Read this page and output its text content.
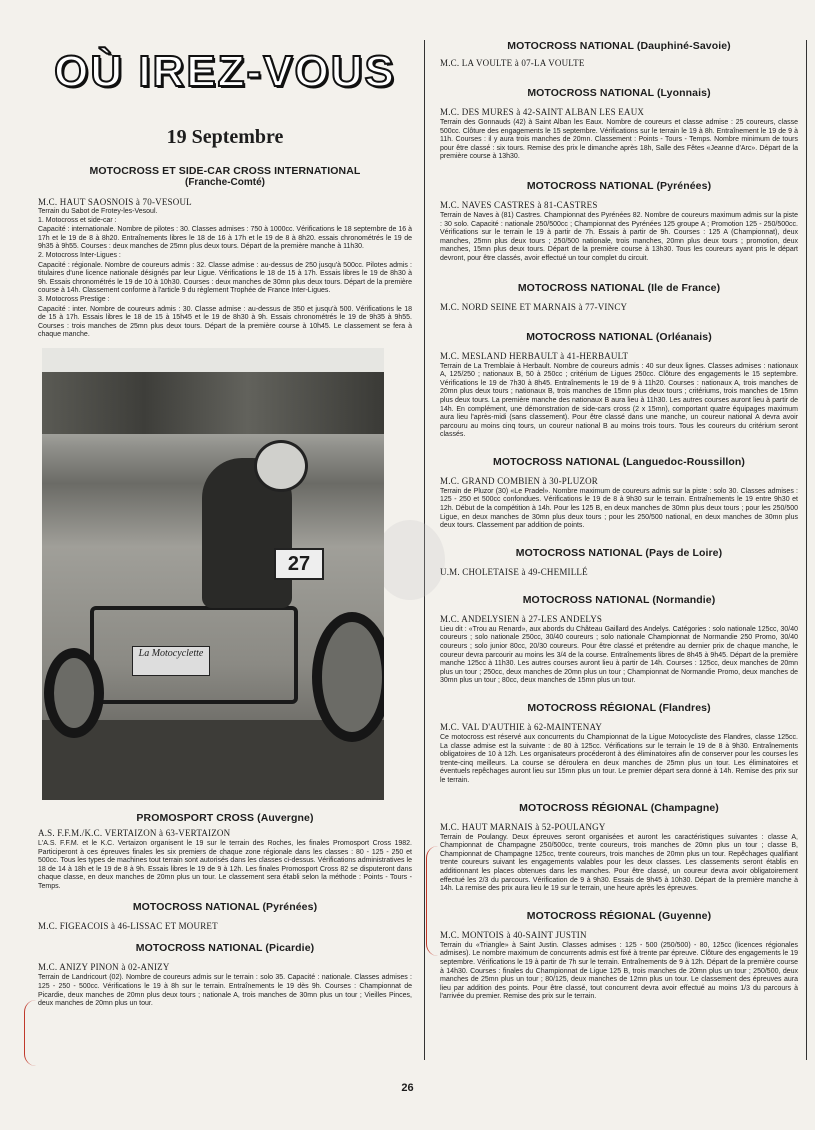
OÙ IREZ-VOUS
19 Septembre
MOTOCROSS ET SIDE-CAR CROSS INTERNATIONAL
(Franche-Comté)
M.C. HAUT SAOSNOIS à 70-VESOUL
Terrain du Sabot de Frotey-les-Vesoul.
1. Motocross et side-car :
Capacité : internationale. Nombre de pilotes : 30. Classes admises : 750 à 1000cc. Vérifications le 18 septembre de 16 à 17h et le 19 de 8 à 8h20. Entraînements libres le 18 de 16 à 17h et le 19 de 8 à 8h20. essais chronométrés le 19 de 9h35 à 9h55. Courses : deux manches de 25mn plus deux tours. Départ de la première manche à 11h30.
2. Motocross Inter-Ligues :
Capacité : régionale. Nombre de coureurs admis : 32. Classe admise : au-dessus de 250 jusqu'à 500cc. Pilotes admis : titulaires d'une licence nationale désignés par leur Ligue. Vérifications le 18 de 15 à 17h. Essais libres le 19 de 8h30 à 9h. Essais chronométrés le 19 de 10 à 10h30. Courses : deux manches de 30mn plus deux tours. Départ de la première course à 14h. Classement conforme à l'article 9 du règlement Trophée de France Inter-Ligues.
3. Motocross Prestige :
Capacité : inter. Nombre de coureurs admis : 30. Classe admise : au-dessus de 350 et jusqu'à 500. Vérifications le 18 de 15 à 17h. Essais libres le 18 de 15 à 15h45 et le 19 de 8h30 à 9h. Essais chronométrés le 19 de 9h35 à 9h55. Courses : trois manches de 25mn plus deux tours. Départ de la première course à 10h45. Le classement se fera à chaque manche.
27
La Motocyclette
PROMOSPORT CROSS (Auvergne)
A.S. F.F.M./K.C. VERTAIZON à 63-VERTAIZON
L'A.S. F.F.M. et le K.C. Vertaizon organisent le 19 sur le terrain des Roches, les finales Promosport Cross 1982. Participeront à ces épreuves finales les six premiers de chaque zone régionale dans les classes : 80 - 125 - 250 et 500cc. Tous les types de machines tout terrain sont autorisés dans les classes ci-dessus. Vérifications administratives le 18 de 14 à 18h et le 19 de 8 à 9h. Essais libres le 19 de 9 à 12h. Les finales Promosport Cross 82 se disputeront dans chaque classe, en deux manches de 20mn plus un tour. Le classement sera établi selon la méthode : Points - Tours - Temps.
MOTOCROSS NATIONAL (Pyrénées)
M.C. FIGEACOIS à 46-LISSAC ET MOURET
MOTOCROSS NATIONAL (Picardie)
M.C. ANIZY PINON à 02-ANIZY
Terrain de Landricourt (02). Nombre de coureurs admis sur le terrain : solo 35. Capacité : nationale. Classes admises : 125 - 250 - 500cc. Vérifications le 19 à 8h sur le terrain. Entraînements le 19 dès 9h. Courses : Championnat de Picardie, deux manches de 20mn plus deux tours ; nationale A, trois manches de 30mn plus un tour ; Vieilles Pinces, deux manches de 20mn plus un tour.
MOTOCROSS NATIONAL (Dauphiné-Savoie)
M.C. LA VOULTE à 07-LA VOULTE
MOTOCROSS NATIONAL (Lyonnais)
M.C. DES MURES à 42-SAINT ALBAN LES EAUX
Terrain des Gonnauds (42) à Saint Alban les Eaux. Nombre de coureurs et classe admise : 25 coureurs, classe 500cc. Clôture des engagements le 15 septembre. Vérifications sur le terrain le 19 à 8h. Entraînement le 19 de 9 à 11h. Courses : il y aura trois manches de 20mn. Classement : Points - Tours - Temps. Nombre minimum de tours pour être classé : six tours. Remise des prix le dimanche après 18h, Salle des Fêtes «Jeanne d'Arc». Départ de la première course à 13h30.
MOTOCROSS NATIONAL (Pyrénées)
M.C. NAVES CASTRES à 81-CASTRES
Terrain de Naves à (81) Castres. Championnat des Pyrénées 82. Nombre de coureurs maximum admis sur la piste : 30 solo. Capacité : nationale 250/500cc ; Championnat des Pyrénées 125 groupe A ; Promotion 125 - 250/500cc. Vérifications sur le terrain le 19 à partir de 7h. Essais à partir de 9h. Courses : 125 A (Championnat), deux manches, 25mn plus deux tours ; 250/500 nationale, trois manches, 20mn plus deux tours ; promotion, deux manches, 15mn plus deux tours. Départ de la première course à 13h30. Tous les coureurs ayant pris le départ devront, pour être classés, avoir effectué un tour complet du circuit.
MOTOCROSS NATIONAL (Ile de France)
M.C. NORD SEINE ET MARNAIS à 77-VINCY
MOTOCROSS NATIONAL (Orléanais)
M.C. MESLAND HERBAULT à 41-HERBAULT
Terrain de La Tremblaie à Herbault. Nombre de coureurs admis : 40 sur deux lignes. Classes admises : nationaux A, 125/250 ; nationaux B, 50 à 250cc ; critérium de Ligues 250cc. Clôture des engagements le 15 septembre. Vérifications le 19 de 7h30 à 8h45. Entraînements le 19 de 9 à 11h20. Courses : nationaux A, trois manches de 20mn plus deux tours ; nationaux B, trois manches de 15mn plus deux tours ; critériums, trois manches de 15mn plus deux tours. La première manche des nationaux B aura lieu à 11h30. Les autres courses auront lieu à partir de 14h. En complément, une démonstration de side-cars cross (2 x 15mn), comportant quatre équipages maximum aura lieu l'après-midi (sans classement). Pour être classé dans une manche, un coureur national A devra avoir parcouru au moins cinq tours, un coureur national B au moins trois tours. Tous les coureurs du critérium seront classés.
MOTOCROSS NATIONAL (Languedoc-Roussillon)
M.C. GRAND COMBIEN à 30-PLUZOR
Terrain de Pluzor (30) «Le Pradel». Nombre maximum de coureurs admis sur la piste : solo 30. Classes admises : 125 - 250 et 500cc confondues. Vérifications le 19 de 8 à 9h30 sur le terrain. Entraînements le 19 entre 9h30 et 12h. Début de la compétition à 14h. Pour les 125 B, en deux manches de 30mn plus deux tours ; pour les 250/500 Ligue, en deux manches de 30mn plus deux tours ; pour les 250/500 national, en deux manches de 30mn plus deux tours. Classement par addition de points.
MOTOCROSS NATIONAL (Pays de Loire)
U.M. CHOLETAISE à 49-CHEMILLÉ
MOTOCROSS NATIONAL (Normandie)
M.C. ANDELYSIEN à 27-LES ANDELYS
Lieu dit : «Trou au Renard», aux abords du Château Gaillard des Andelys. Catégories : solo nationale 125cc, 30/40 coureurs ; solo nationale 250cc, 30/40 coureurs ; solo nationale Championnat de Normandie 250 Promo, 30/40 coureurs ; solo junior 80cc, 20/30 coureurs. Pour être classé et prétendre au dernier prix de chaque manche, le coureur devra parcourir au moins les 3/4 de la course. Entraînements libres de 8h45 à 9h45. Départ de la première manche 125cc à 11h30. Les autres courses auront lieu à partir de 14h. Courses : 125cc, deux manches de 20mn plus un tour ; 250cc, deux manches de 20mn plus un tour ; Championnat de Normandie Promo, deux manches de 30mn plus un tour ; 80cc, deux manches de 15mn plus un tour.
MOTOCROSS RÉGIONAL (Flandres)
M.C. VAL D'AUTHIE à 62-MAINTENAY
Ce motocross est réservé aux concurrents du Championnat de la Ligue Motocycliste des Flandres, classe 125cc. La classe admise est la suivante : de 80 à 125cc. Vérifications sur le terrain le 19 de 8 à 9h30. Entraînements obligatoires de 10 à 12h. Les organisateurs procéderont à des éliminatoires afin de conserver pour les courses les trente-cinq meilleurs. La course se déroulera en deux manches de 25mn plus un tour. Les éliminatoires et éventuels repêchages auront lieu sur 15mn plus un tour. Le premier départ sera donné à 14h. Remise des prix sur le terrain.
MOTOCROSS RÉGIONAL (Champagne)
M.C. HAUT MARNAIS à 52-POULANGY
Terrain de Poulangy. Deux épreuves seront organisées et auront les caractéristiques suivantes : classe A, Championnat de Champagne 250/500cc, trente coureurs, trois manches de 20mn plus un tour ; classe B, Championnat de Champagne 125cc, trente coureurs, trois manches de 20mn plus un tour. Repêchages qualifiant trente coureurs suivant les engagements valables pour les deux classes. Les classements seront établis en additionnant les places obtenues dans les manches. Pour être classé, un coureur devra avoir obligatoirement effectué les 2/3 du parcours. Vérification de 9 à 9h30. Essais de 9h45 à 10h30. Départ de la première manche à 14h. La remise des prix aura lieu le 19 sur le terrain, une heure après les épreuves.
MOTOCROSS RÉGIONAL (Guyenne)
M.C. MONTOIS à 40-SAINT JUSTIN
Terrain du «Triangle» à Saint Justin. Classes admises : 125 - 500 (250/500) - 80, 125cc (licences régionales admises). Le nombre maximum de concurrents admis est fixé à trente par épreuve. Clôture des engagements le 19 septembre. Vérifications le 19 à partir de 7h sur le terrain. Entraînements de 9 à 12h. Départ de la première course à 14h30. Courses : finales du Championnat de Ligue 125 B, trois manches de 20mn plus un tour ; 250/500, deux manches de 25mn plus un tour ; 80/125, deux manches de 12mn plus un tour. Le classement des épreuves aura lieu par addition des points. Pour être classé, tout concurrent devra avoir effectué au moins 1/3 du parcours à l'arrivée du premier. Remise des prix sur le terrain.
26
